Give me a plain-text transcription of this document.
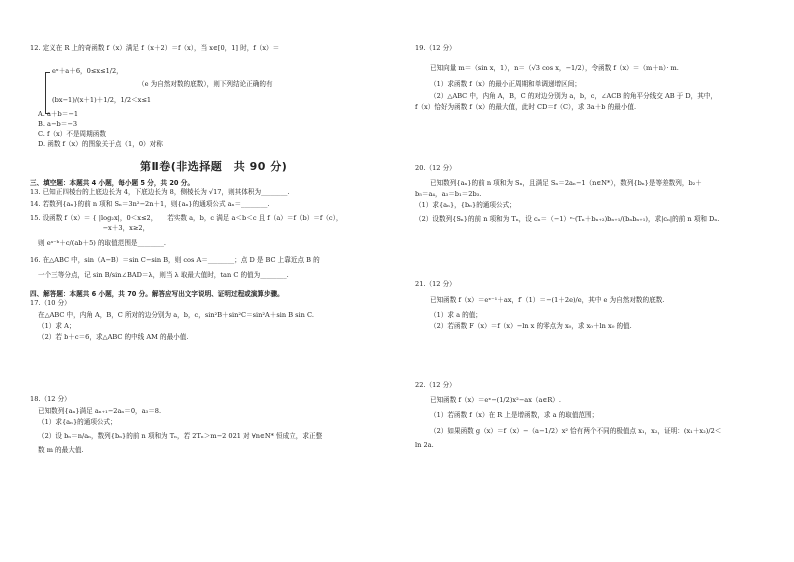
12. 定义在 R 上的奇函数 f（x）满足 f（x＋2）＝f（x），当 x∈[0，1] 时，f（x）＝
eˣ＋a＋6，0≤x≤1/2，
（e 为自然对数的底数），则下列结论正确的有
(bx−1)/(x＋1)＋1/2，1/2＜x≤1
A. a＋b＝−1
B. a−b＝−3
C. f（x）不是周期函数
D. 函数 f（x）的图象关于点（1，0）对称
第Ⅱ卷(非选择题　共 90 分)
三、填空题：本题共 4 小题，每小题 5 分，共 20 分。
13. 已知正四棱台的上底边长为 4，下底边长为 8，侧棱长为 √17，则其体积为________.
14. 若数列{aₙ}的前 n 项和 Sₙ＝3n²−2n＋1，则{aₙ}的通项公式 aₙ＝________.
15. 设函数 f（x）＝ { |log₂x|，0＜x≤2，　　若实数 a，b，c 满足 a＜b＜c 且 f（a）＝f（b）＝f（c），
　　　　　　　　　　　−x＋3，x≥2，
则 eᵃ⁻ᵇ＋c/(ab＋5) 的取值范围是________.
16. 在△ABC 中，sin（A−B）＝sin C−sin B，则 cos A＝________；点 D 是 BC 上靠近点 B 的
一个三等分点，记 sin B/sin∠BAD＝λ，则当 λ 取最大值时，tan C 的值为________.
四、解答题：本题共 6 小题，共 70 分。解答应写出文字说明、证明过程或演算步骤。
17.（10 分）
在△ABC 中，内角 A，B，C 所对的边分别为 a，b，c，sin²B＋sin²C＝sin²A＋sin B sin C.
（1）求 A；
（2）若 b＋c＝6，求△ABC 的中线 AM 的最小值.
18.（12 分）
已知数列{aₙ}满足 aₙ₊₁−2aₙ＝0，a₃＝8.
（1）求{aₙ}的通项公式；
（2）设 bₙ＝n/aₙ，数列{bₙ}的前 n 项和为 Tₙ，若 2Tₙ＞m−2 021 对 ∀n∈N* 恒成立，求正整
数 m 的最大值.
19.（12 分）
已知向量 m＝（sin x，1），n＝（√3 cos x，−1/2），令函数 f（x）＝（m＋n）· m.
（1）求函数 f（x）的最小正周期和单调递增区间；
（2）△ABC 中，内角 A，B，C 的对边分别为 a，b，c，∠ACB 的角平分线交 AB 于 D，其中，
f（x）恰好为函数 f（x）的最大值，此时 CD＝f（C），求 3a＋b 的最小值.
20.（12 分）
已知数列{aₙ}的前 n 项和为 Sₙ，且满足 Sₙ＝2aₙ−1（n∈N*），数列{bₙ}是等差数列，b₂＋
b₅＝a₄，a₃＝b₁＝2b₃.
（1）求{aₙ}，{bₙ}的通项公式；
（2）设数列{Sₙ}的前 n 项和为 Tₙ，设 cₙ＝（−1）ⁿ·(Tₙ＋bₙ₊₂)bₙ₊₁/(bₙbₙ₊₁)，求|cₙ|的前 n 项和 Dₙ.
21.（12 分）
已知函数 f（x）＝eˣ⁻¹＋ax，f′（1）＝−(1＋2e)/e，其中 e 为自然对数的底数.
（1）求 a 的值；
（2）若函数 F（x）＝f（x）−ln x 的零点为 x₀，求 x₀＋ln x₀ 的值.
22.（12 分）
已知函数 f（x）＝eˣ−(1/2)x²−ax（a∈R）.
（1）若函数 f（x）在 R 上是增函数，求 a 的取值范围；
（2）如果函数 g（x）＝f（x）−（a−1/2）x² 恰有两个不同的极值点 x₁，x₂，证明：(x₁＋x₂)/2＜
ln 2a.
